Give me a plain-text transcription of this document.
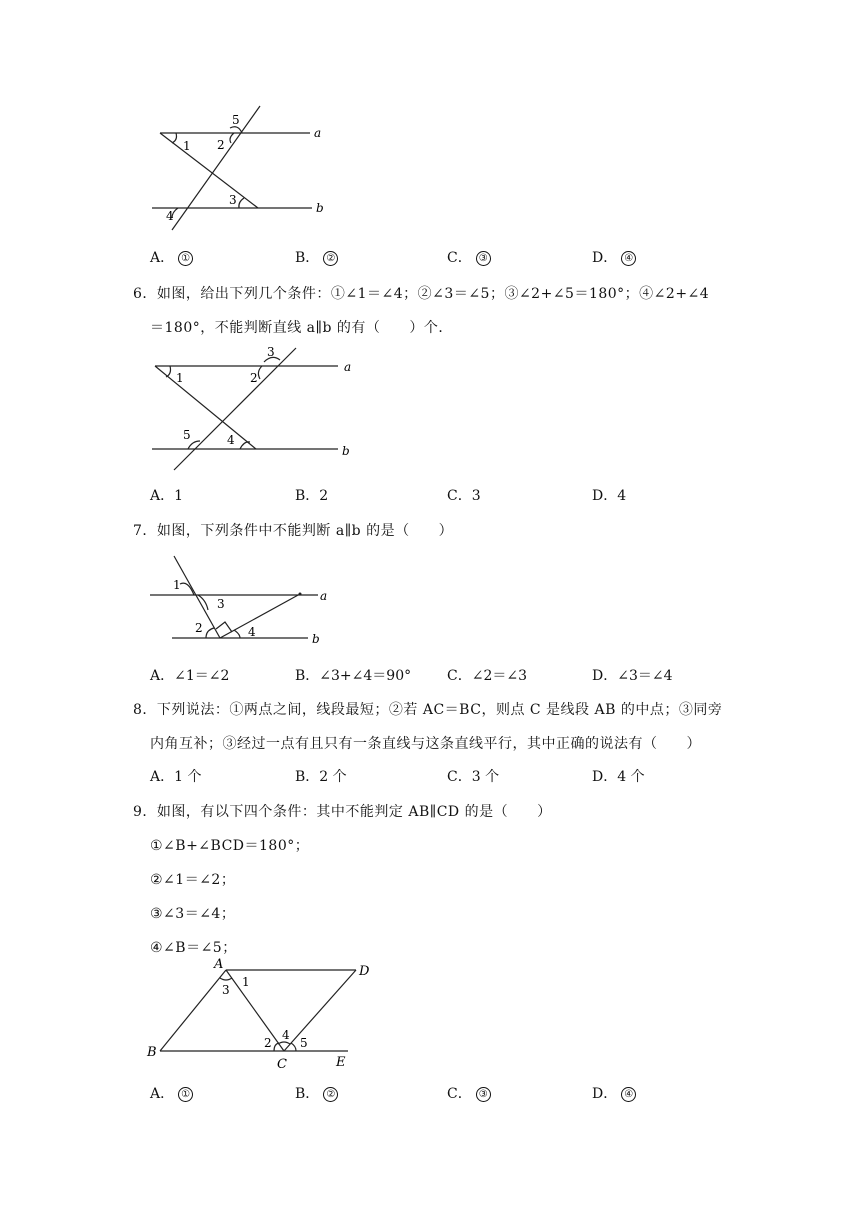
1 2
5
3
4
a
b
A． ①	B． ②	C． ③	D． ④
6．如图，给出下列几个条件：①∠1＝∠4；②∠3＝∠5；③∠2+∠5＝180°；④∠2+∠4
＝180°，不能判断直线 a∥b 的有（　　）个．
1	2
3
5	4
a
b
A．1	B．2	C．3	D．4
7．如图，下列条件中不能判断 a∥b 的是（　　）
1
3
2	4
a
b
A．∠1＝∠2	B．∠3+∠4＝90°	C．∠2＝∠3	D．∠3＝∠4
8．下列说法：①两点之间，线段最短；②若 AC＝BC，则点 C 是线段 AB 的中点；③同旁
内角互补；③经过一点有且只有一条直线与这条直线平行，其中正确的说法有（　　）
A．1 个	B．2 个	C．3 个	D．4 个
9．如图，有以下四个条件：其中不能判定 AB∥CD 的是（　　）
①∠B+∠BCD＝180°；
②∠1＝∠2；
③∠3＝∠4；
④∠B＝∠5；
A	D
B
C	E
1
3
2
4
5
A． ①	B． ②	C． ③	D． ④
